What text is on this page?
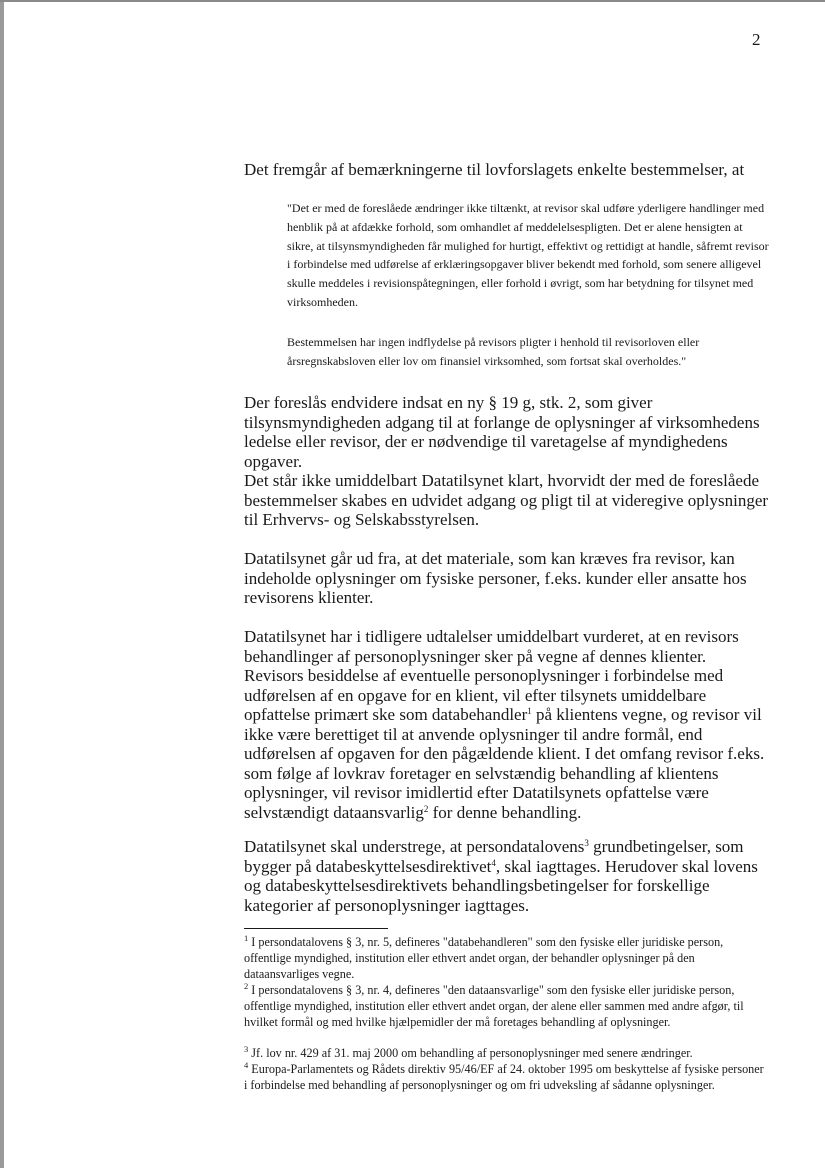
2
Det fremgår af bemærkningerne til lovforslagets enkelte bestemmelser, at
"Det er med de foreslåede ændringer ikke tiltænkt, at revisor skal udføre yderligere handlinger med henblik på at afdække forhold, som omhandlet af meddelelsespligten. Det er alene hensigten at sikre, at tilsynsmyndigheden får mulighed for hurtigt, effektivt og rettidigt at handle, såfremt revisor i forbindelse med udførelse af erklæringsopgaver bliver bekendt med forhold, som senere alligevel skulle meddeles i revisionspåtegningen, eller forhold i øvrigt, som har betydning for tilsynet med virksomheden.
Bestemmelsen har ingen indflydelse på revisors pligter i henhold til revisorloven eller årsregnskabsloven eller lov om finansiel virksomhed, som fortsat skal overholdes."
Der foreslås endvidere indsat en ny § 19 g, stk. 2, som giver tilsynsmyndigheden adgang til at forlange de oplysninger af virksomhedens ledelse eller revisor, der er nødvendige til varetagelse af myndighedens opgaver.
Det står ikke umiddelbart Datatilsynet klart, hvorvidt der med de foreslåede bestemmelser skabes en udvidet adgang og pligt til at videregive oplysninger til Erhvervs- og Selskabsstyrelsen.
Datatilsynet går ud fra, at det materiale, som kan kræves fra revisor, kan indeholde oplysninger om fysiske personer, f.eks. kunder eller ansatte hos revisorens klienter.
Datatilsynet har i tidligere udtalelser umiddelbart vurderet, at en revisors behandlinger af personoplysninger sker på vegne af dennes klienter. Revisors besiddelse af eventuelle personoplysninger i forbindelse med udførelsen af en opgave for en klient, vil efter tilsynets umiddelbare opfattelse primært ske som databehandler$^1$ på klientens vegne, og revisor vil ikke være berettiget til at anvende oplysninger til andre formål, end udførelsen af opgaven for den pågældende klient. I det omfang revisor f.eks. som følge af lovkrav foretager en selvstændig behandling af klientens oplysninger, vil revisor imidlertid efter Datatilsynets opfattelse være selvstændigt dataansvarlig$^2$ for denne behandling.
Datatilsynet skal understrege, at persondatalovens$^3$ grundbetingelser, som bygger på databeskyttelsesdirektivet$^4$, skal iagttages. Herudover skal lovens og databeskyttelsesdirektivets behandlingsbetingelser for forskellige kategorier af personoplysninger iagttages.
$^1$ I persondatalovens § 3, nr. 5, defineres "databehandleren" som den fysiske eller juridiske person, offentlige myndighed, institution eller ethvert andet organ, der behandler oplysninger på den dataansvarliges vegne.
$^2$ I persondatalovens § 3, nr. 4, defineres "den dataansvarlige" som den fysiske eller juridiske person, offentlige myndighed, institution eller ethvert andet organ, der alene eller sammen med andre afgør, til hvilket formål og med hvilke hjælpemidler der må foretages behandling af oplysninger.
$^3$ Jf. lov nr. 429 af 31. maj 2000 om behandling af personoplysninger med senere ændringer.
$^4$ Europa-Parlamentets og Rådets direktiv 95/46/EF af 24. oktober 1995 om beskyttelse af fysiske personer i forbindelse med behandling af personoplysninger og om fri udveksling af sådanne oplysninger.
